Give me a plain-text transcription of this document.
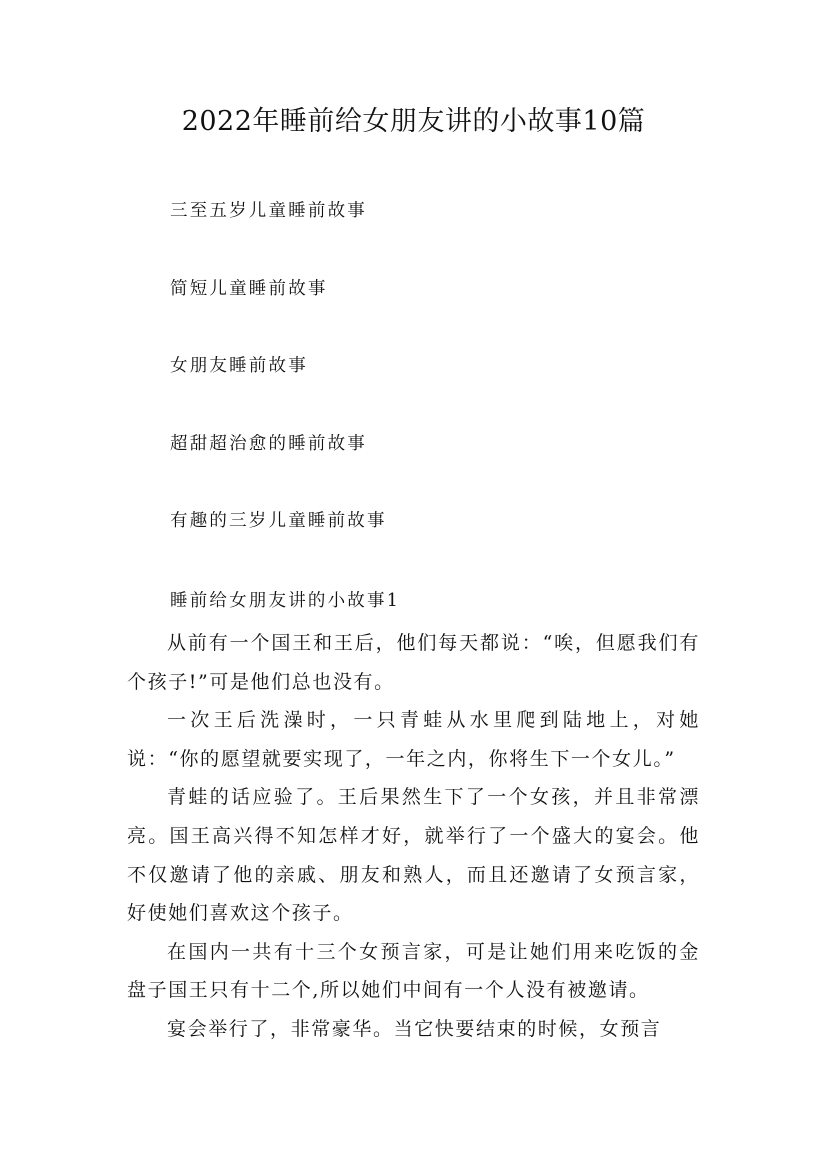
2022年睡前给女朋友讲的小故事10篇
三至五岁儿童睡前故事
简短儿童睡前故事
女朋友睡前故事
超甜超治愈的睡前故事
有趣的三岁儿童睡前故事
睡前给女朋友讲的小故事1

从前有一个国王和王后，他们每天都说：“唉，但愿我们有个孩子!”可是他们总也没有。

一次王后洗澡时，一只青蛙从水里爬到陆地上，对她说：“你的愿望就要实现了，一年之内，你将生下一个女儿。”

青蛙的话应验了。王后果然生下了一个女孩，并且非常漂亮。国王高兴得不知怎样才好，就举行了一个盛大的宴会。他不仅邀请了他的亲戚、朋友和熟人，而且还邀请了女预言家，好使她们喜欢这个孩子。

在国内一共有十三个女预言家，可是让她们用来吃饭的金盘子国王只有十二个,所以她们中间有一个人没有被邀请。

宴会举行了，非常豪华。当它快要结束的时候，女预言
